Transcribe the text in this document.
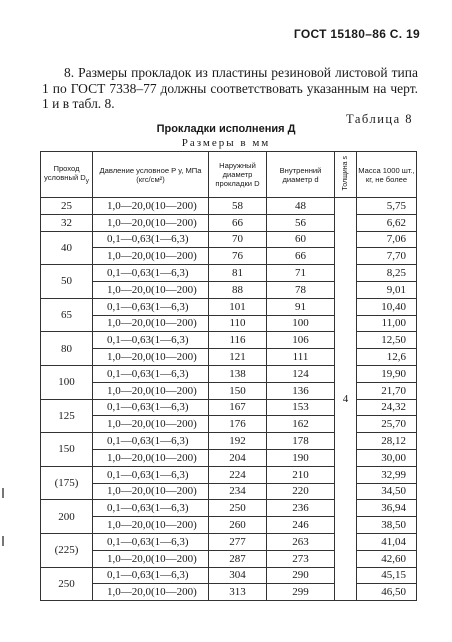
ГОСТ 15180–86 С. 19
8. Размеры прокладок из пластины резиновой листовой типа 1 по ГОСТ 7338–77 должны соответствовать указанным на черт. 1 и в табл. 8.
Таблица 8
Прокладки исполнения Д
Размеры в мм
Проход условный $D_у$	Давление условное P у, МПа (кгс/см²)	Наружный диаметр прокладки D	Внутренний диаметр d	Толщина s	Масса 1000 шт., кг, не более
25	1,0—20,0(10—200)	58	48	4	5,75
32	1,0—20,0(10—200)	66	56		6,62
40	0,1—0,63(1—6,3)	70	60		7,06
	1,0—20,0(10—200)	76	66		7,70
50	0,1—0,63(1—6,3)	81	71		8,25
	1,0—20,0(10—200)	88	78		9,01
65	0,1—0,63(1—6,3)	101	91		10,40
	1,0—20,0(10—200)	110	100		11,00
80	0,1—0,63(1—6,3)	116	106		12,50
	1,0—20,0(10—200)	121	111		12,6
100	0,1—0,63(1—6,3)	138	124		19,90
	1,0—20,0(10—200)	150	136		21,70
125	0,1—0,63(1—6,3)	167	153		24,32
	1,0—20,0(10—200)	176	162		25,70
150	0,1—0,63(1—6,3)	192	178		28,12
	1,0—20,0(10—200)	204	190		30,00
(175)	0,1—0,63(1—6,3)	224	210		32,99
	1,0—20,0(10—200)	234	220		34,50
200	0,1—0,63(1—6,3)	250	236		36,94
	1,0—20,0(10—200)	260	246		38,50
(225)	0,1—0,63(1—6,3)	277	263		41,04
	1,0—20,0(10—200)	287	273		42,60
250	0,1—0,63(1—6,3)	304	290		45,15
	1,0—20,0(10—200)	313	299		46,50
